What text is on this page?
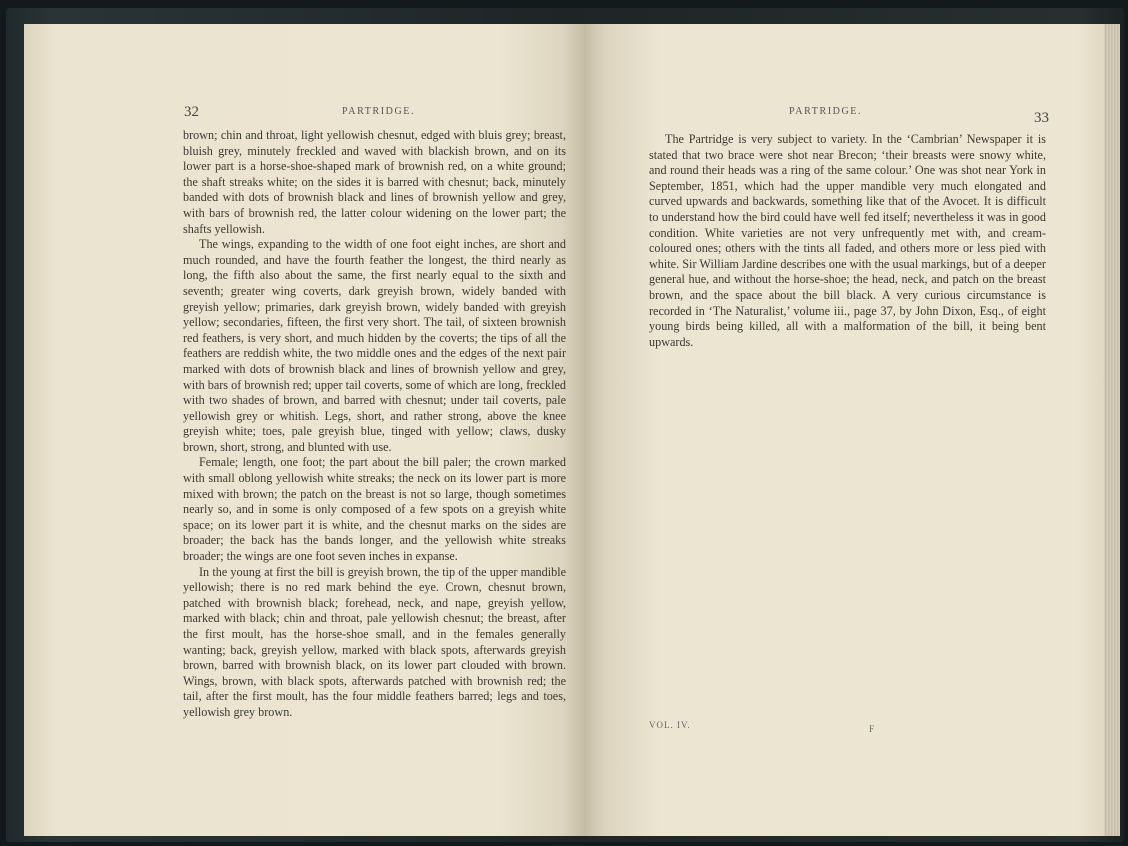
32	PARTRIDGE.

brown; chin and throat, light yellowish chesnut, edged with bluis grey; breast, bluish grey, minutely freckled and waved with blackish brown, and on its lower part is a horse-shoe-shaped mark of brownish red, on a white ground; the shaft streaks white; on the sides it is barred with chesnut; back, minutely banded with dots of brownish black and lines of brownish yellow and grey, with bars of brownish red, the latter colour widening on the lower part; the shafts yellowish.

The wings, expanding to the width of one foot eight inches, are short and much rounded, and have the fourth feather the longest, the third nearly as long, the fifth also about the same, the first nearly equal to the sixth and seventh; greater wing coverts, dark greyish brown, widely banded with greyish yellow; primaries, dark greyish brown, widely banded with greyish yellow; secondaries, fifteen, the first very short. The tail, of sixteen brownish red feathers, is very short, and much hidden by the coverts; the tips of all the feathers are reddish white, the two middle ones and the edges of the next pair marked with dots of brownish black and lines of brownish yellow and grey, with bars of brownish red; upper tail coverts, some of which are long, freckled with two shades of brown, and barred with chesnut; under tail coverts, pale yellowish grey or whitish. Legs, short, and rather strong, above the knee greyish white; toes, pale greyish blue, tinged with yellow; claws, dusky brown, short, strong, and blunted with use.

Female; length, one foot; the part about the bill paler; the crown marked with small oblong yellowish white streaks; the neck on its lower part is more mixed with brown; the patch on the breast is not so large, though sometimes nearly so, and in some is only composed of a few spots on a greyish white space; on its lower part it is white, and the chesnut marks on the sides are broader; the back has the bands longer, and the yellowish white streaks broader; the wings are one foot seven inches in expanse.

In the young at first the bill is greyish brown, the tip of the upper mandible yellowish; there is no red mark behind the eye. Crown, chesnut brown, patched with brownish black; forehead, neck, and nape, greyish yellow, marked with black; chin and throat, pale yellowish chesnut; the breast, after the first moult, has the horse-shoe small, and in the females generally wanting; back, greyish yellow, marked with black spots, afterwards greyish brown, barred with brownish black, on its lower part clouded with brown. Wings, brown, with black spots, afterwards patched with brownish red; the tail, after the first moult, has the four middle feathers barred; legs and toes, yellowish grey brown.

PARTRIDGE.	33

The Partridge is very subject to variety. In the ‘Cambrian’ Newspaper it is stated that two brace were shot near Brecon; ‘their breasts were snowy white, and round their heads was a ring of the same colour.’ One was shot near York in September, 1851, which had the upper mandible very much elongated and curved upwards and backwards, something like that of the Avocet. It is difficult to understand how the bird could have well fed itself; nevertheless it was in good condition. White varieties are not very unfrequently met with, and cream-coloured ones; others with the tints all faded, and others more or less pied with white. Sir William Jardine describes one with the usual markings, but of a deeper general hue, and without the horse-shoe; the head, neck, and patch on the breast brown, and the space about the bill black. A very curious circumstance is recorded in ‘The Naturalist,’ volume iii., page 37, by John Dixon, Esq., of eight young birds being killed, all with a malformation of the bill, it being bent upwards.

VOL. IV.	F
